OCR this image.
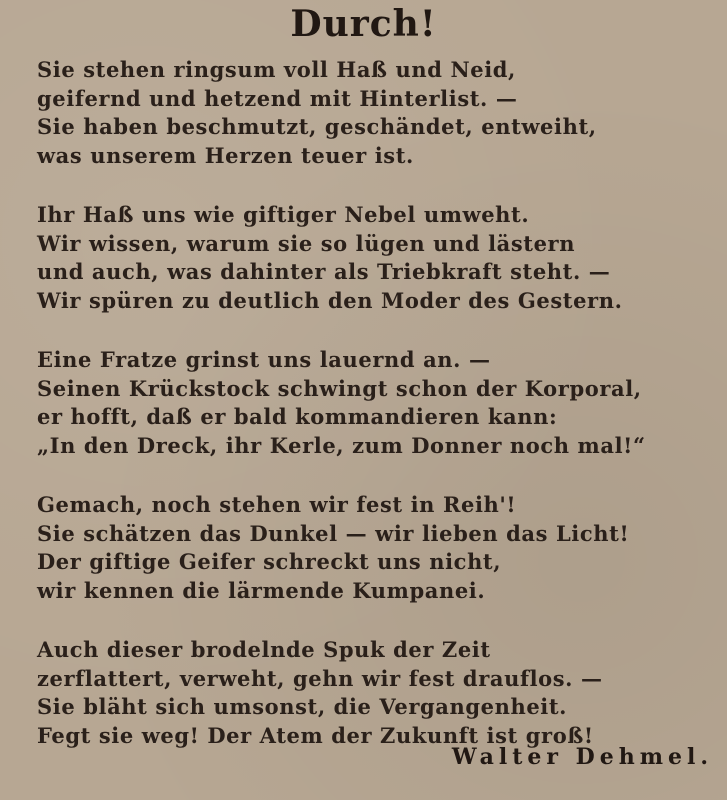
Durch!
Sie stehen ringsum voll Haß und Neid,
geifernd und hetzend mit Hinterlist. —
Sie haben beschmutzt, geschändet, entweiht,
was unserem Herzen teuer ist.
Ihr Haß uns wie giftiger Nebel umweht.
Wir wissen, warum sie so lügen und lästern
und auch, was dahinter als Triebkraft steht. —
Wir spüren zu deutlich den Moder des Gestern.
Eine Fratze grinst uns lauernd an. —
Seinen Krückstock schwingt schon der Korporal,
er hofft, daß er bald kommandieren kann:
„In den Dreck, ihr Kerle, zum Donner noch mal!“
Gemach, noch stehen wir fest in Reih'!
Sie schätzen das Dunkel — wir lieben das Licht!
Der giftige Geifer schreckt uns nicht,
wir kennen die lärmende Kumpanei.
Auch dieser brodelnde Spuk der Zeit
zerflattert, verweht, gehn wir fest drauflos. —
Sie bläht sich umsonst, die Vergangenheit.
Fegt sie weg! Der Atem der Zukunft ist groß!
Walter Dehmel.
